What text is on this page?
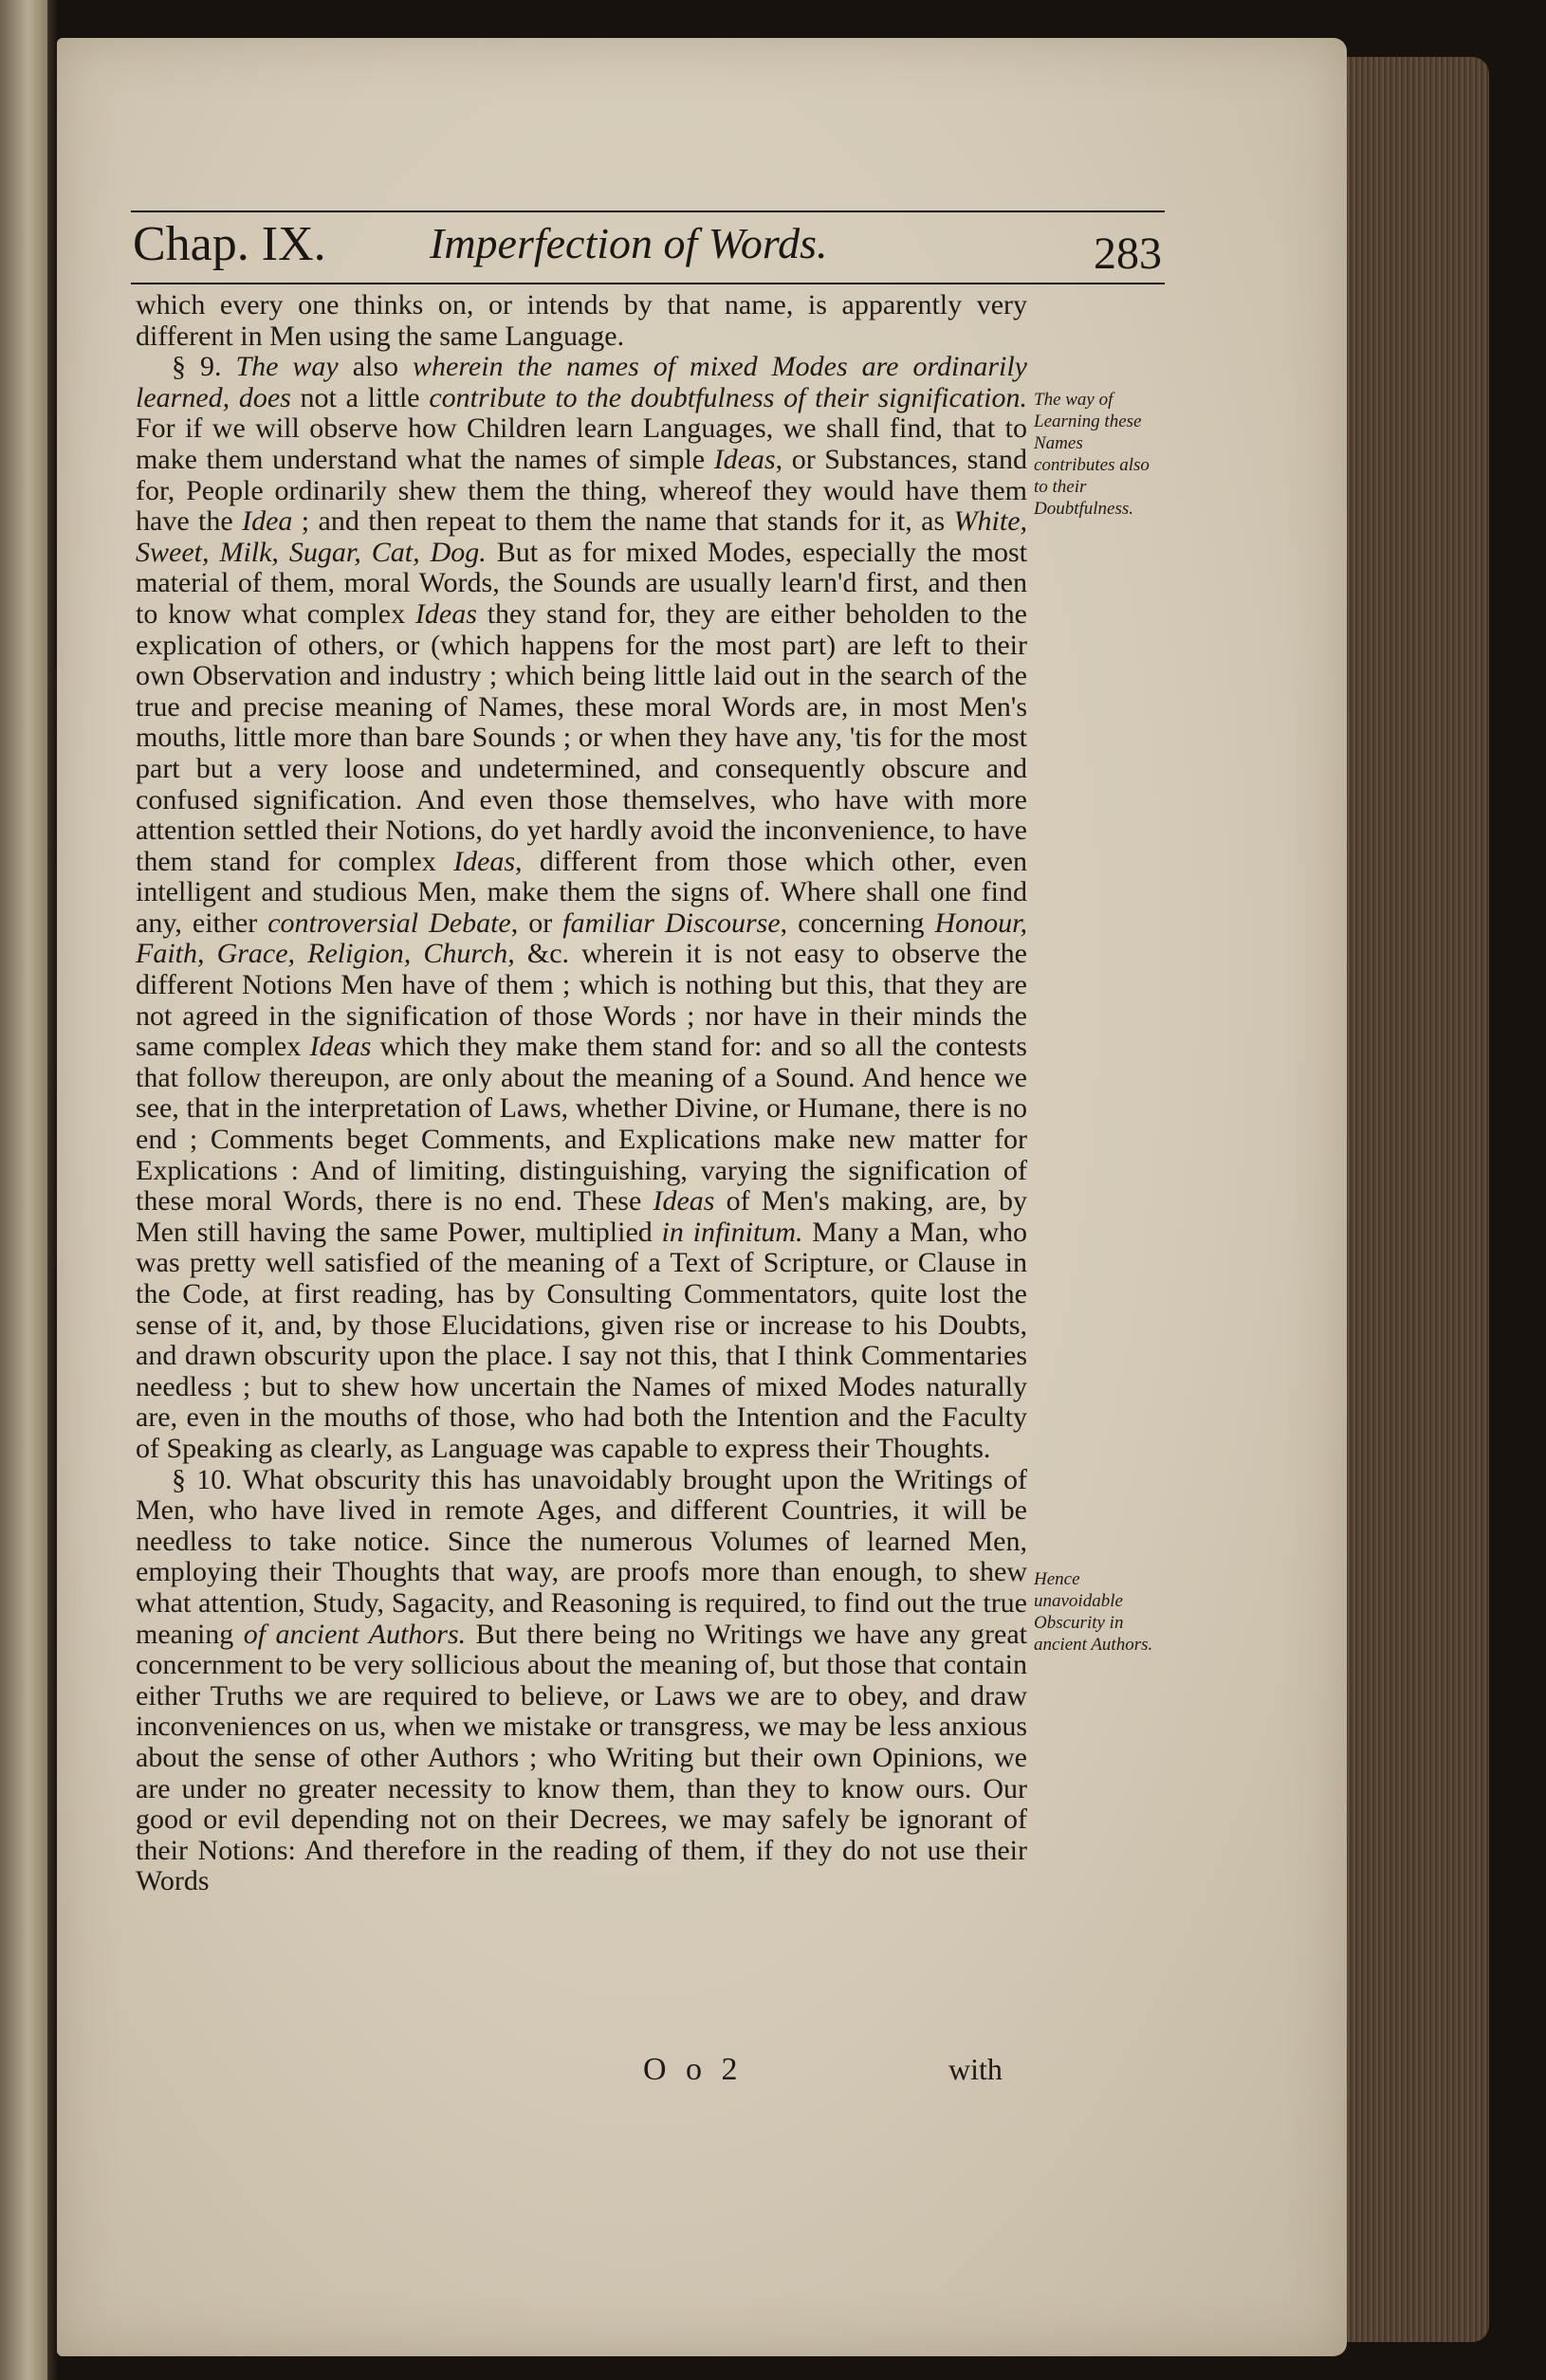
Chap. IX. Imperfection of Words.	283

which every one thinks on, or intends by that name, is apparently very different in Men using the same Language.

§ 9. The way also wherein the names of mixed Modes are ordinarily learned, does not a little contribute to the doubtfulness of their signification. For if we will observe how Children learn Languages, we shall find, that to make them understand what the names of simple Ideas, or Substances, stand for, People ordinarily shew them the thing, whereof they would have them have the Idea ; and then repeat to them the name that stands for it, as White, Sweet, Milk, Sugar, Cat, Dog. But as for mixed Modes, especially the most material of them, moral Words, the Sounds are usually learn'd first, and then to know what complex Ideas they stand for, they are either beholden to the explication of others, or (which happens for the most part) are left to their own Observation and industry ; which being little laid out in the search of the true and precise meaning of Names, these moral Words are, in most Men's mouths, little more than bare Sounds ; or when they have any, 'tis for the most part but a very loose and undetermined, and consequently obscure and confused signification. And even those themselves, who have with more attention settled their Notions, do yet hardly avoid the inconvenience, to have them stand for complex Ideas, different from those which other, even intelligent and studious Men, make them the signs of. Where shall one find any, either controversial Debate, or familiar Discourse, concerning Honour, Faith, Grace, Religion, Church, &c. wherein it is not easy to observe the different Notions Men have of them ; which is nothing but this, that they are not agreed in the signification of those Words ; nor have in their minds the same complex Ideas which they make them stand for: and so all the contests that follow thereupon, are only about the meaning of a Sound. And hence we see, that in the interpretation of Laws, whether Divine, or Humane, there is no end ; Comments beget Comments, and Explications make new matter for Explications : And of limiting, distinguishing, varying the signification of these moral Words, there is no end. These Ideas of Men's making, are, by Men still having the same Power, multiplied in infinitum. Many a Man, who was pretty well satisfied of the meaning of a Text of Scripture, or Clause in the Code, at first reading, has by Consulting Commentators, quite lost the sense of it, and, by those Elucidations, given rise or increase to his Doubts, and drawn obscurity upon the place. I say not this, that I think Commentaries needless ; but to shew how uncertain the Names of mixed Modes naturally are, even in the mouths of those, who had both the Intention and the Faculty of Speaking as clearly, as Language was capable to express their Thoughts.

§ 10. What obscurity this has unavoidably brought upon the Writings of Men, who have lived in remote Ages, and different Countries, it will be needless to take notice. Since the numerous Volumes of learned Men, employing their Thoughts that way, are proofs more than enough, to shew what attention, Study, Sagacity, and Reasoning is required, to find out the true meaning of ancient Authors. But there being no Writings we have any great concernment to be very sollicious about the meaning of, but those that contain either Truths we are required to believe, or Laws we are to obey, and draw inconveniences on us, when we mistake or transgress, we may be less anxious about the sense of other Authors ; who Writing but their own Opinions, we are under no greater necessity to know them, than they to know ours. Our good or evil depending not on their Decrees, we may safely be ignorant of their Notions: And therefore in the reading of them, if they do not use their Words

The way of Learning these Names contributes also to their Doubtfulness.
Hence unavoidable Obscurity in ancient Authors.
O o 2	with
